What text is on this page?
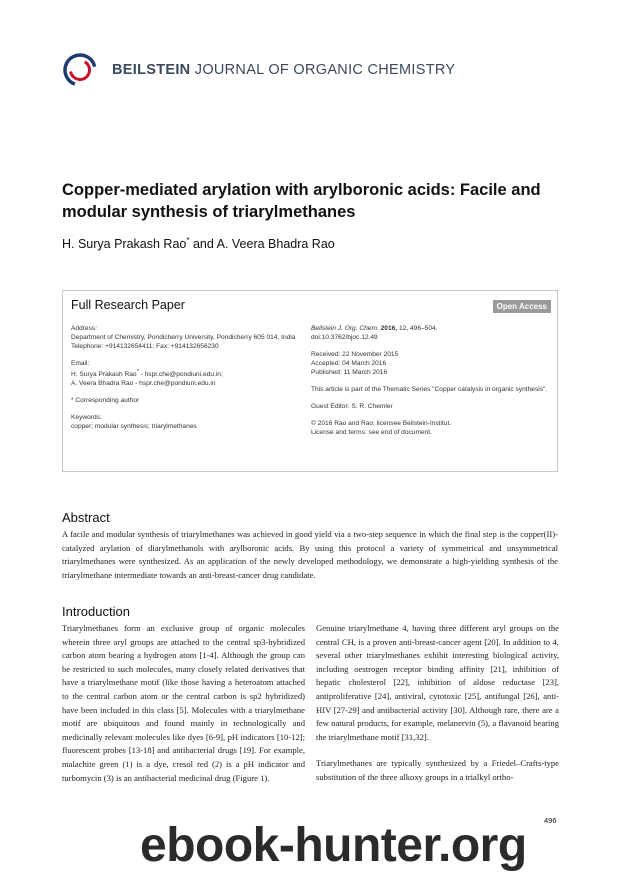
BEILSTEIN JOURNAL OF ORGANIC CHEMISTRY
Copper-mediated arylation with arylboronic acids: Facile and modular synthesis of triarylmethanes
H. Surya Prakash Rao* and A. Veera Bhadra Rao
Full Research Paper	Open Access

Address:
Department of Chemistry, Pondicherry University, Pondicherry 605 014, India Telephone: +914132654411; Fax: +914132656230

Email:
H. Surya Prakash Rao* - hspr.che@pondiuni.edu.in;
A. Veera Bhadra Rao - hspr.che@pondiuni.edu.in

* Corresponding author

Keywords:
copper; modular synthesis; triarylmethanes

Beilstein J. Org. Chem. 2016, 12, 496–504.
doi:10.3762/bjoc.12.49

Received: 22 November 2015
Accepted: 04 March 2016
Published: 11 March 2016

This article is part of the Thematic Series "Copper catalysis in organic synthesis".

Guest Editor: S. R. Chemler

© 2016 Rao and Rao; licensee Beilstein-Institut.
License and terms: see end of document.

Abstract
A facile and modular synthesis of triarylmethanes was achieved in good yield via a two-step sequence in which the final step is the copper(II)-catalyzed arylation of diarylmethanols with arylboronic acids. By using this protocol a variety of symmetrical and unsymmetrical triarylmethanes were synthesized. As an application of the newly developed methodology, we demonstrate a high-yielding synthesis of the triarylmethane intermediate towards an anti-breast-cancer drug candidate.
Introduction

Triarylmethanes form an exclusive group of organic molecules wherein three aryl groups are attached to the central sp3-hybridized carbon atom bearing a hydrogen atom [1-4]. Although the group can be restricted to such molecules, many closely related derivatives that have a triarylmethane motif (like those having a heteroatom attached to the central carbon atom or the central carbon is sp2 hybridized) have been included in this class [5]. Molecules with a triarylmethane motif are ubiquitous and found mainly in technologically and medicinally relevant molecules like dyes [6-9], pH indicators [10-12]; fluorescent probes [13-18] and antibacterial drugs [19]. For example, malachite green (1) is a dye, cresol red (2) is a pH indicator and turbomycin (3) is an antibacterial medicinal drug (Figure 1).

Genuine triarylmethane 4, having three different aryl groups on the central CH, is a proven anti-breast-cancer agent [20]. In addition to 4, several other triarylmethanes exhibit interesting biological activity, including oestrogen receptor binding affinity [21], inhibition of hepatic cholesterol [22], inhibition of aldose reductase [23], antiproliferative [24], antiviral, cytotoxic [25], antifungal [26], anti-HIV [27-29] and antibacterial activity [30]. Although rare, there are a few natural products, for example, melanervin (5), a flavanoid bearing the triarylmethane motif [31,32].

Triarylmethanes are typically synthesized by a Friedel–Crafts-type substitution of the three alkoxy groups in a trialkyl ortho-

496
ebook-hunter.org
